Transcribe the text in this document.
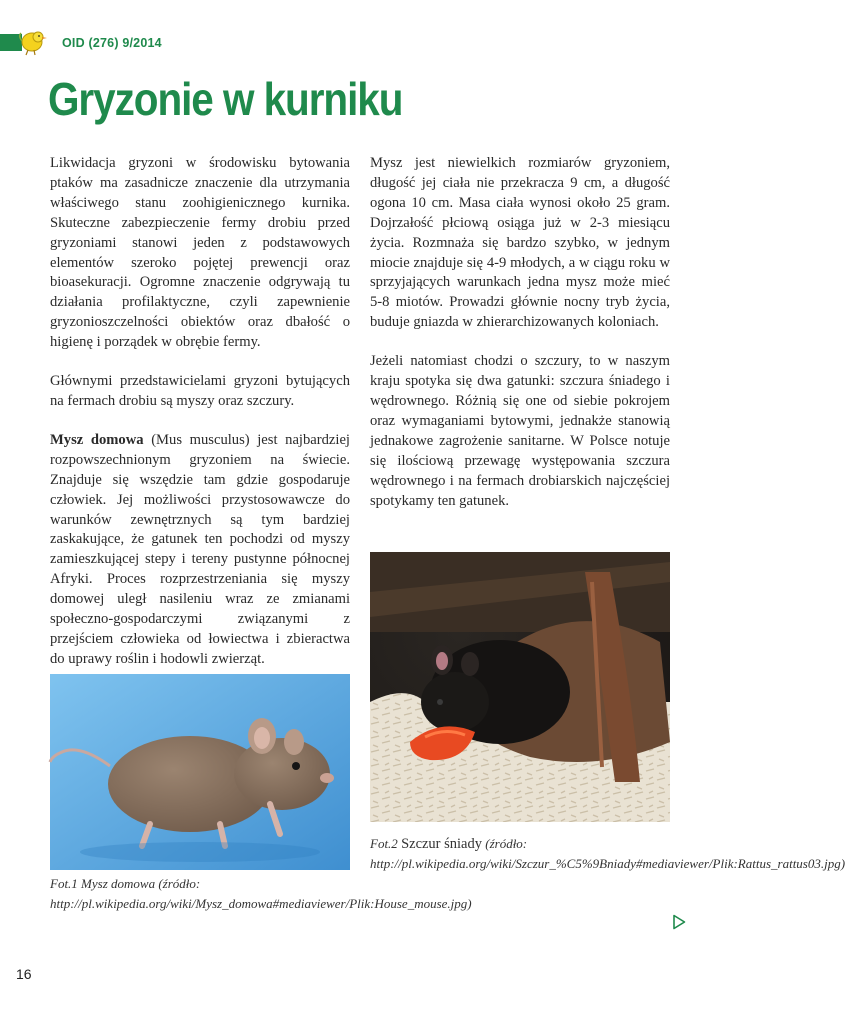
OID (276) 9/2014
Gryzonie w kurniku

Likwidacja gryzoni w środowisku bytowania ptaków ma zasadnicze znaczenie dla utrzymania właściwego stanu zoohigienicznego kurnika. Skuteczne zabezpieczenie fermy drobiu przed gryzoniami stanowi jeden z podstawowych elementów szeroko pojętej prewencji oraz bioasekuracji. Ogromne znaczenie odgrywają tu działania profilaktyczne, czyli zapewnienie gryzonioszczelności obiektów oraz dbałość o higienę i porządek w obrębie fermy.

Głównymi przedstawicielami gryzoni bytujących na fermach drobiu są myszy oraz szczury.

Mysz domowa (Mus musculus) jest najbardziej rozpowszechnionym gryzoniem na świecie. Znajduje się wszędzie tam gdzie gospodaruje człowiek. Jej możliwości przystosowawcze do warunków zewnętrznych są tym bardziej zaskakujące, że gatunek ten pochodzi od myszy zamieszkującej stepy i tereny pustynne północnej Afryki. Proces rozprzestrzeniania się myszy domowej uległ nasileniu wraz ze zmianami społeczno-gospodarczymi związanymi z przejściem człowieka od łowiectwa i zbieractwa do uprawy roślin i hodowli zwierząt.

Mysz jest niewielkich rozmiarów gryzoniem, długość jej ciała nie przekracza 9 cm, a długość ogona 10 cm. Masa ciała wynosi około 25 gram. Dojrzałość płciową osiąga już w 2-3 miesiącu życia. Rozmnaża się bardzo szybko, w jednym miocie znajduje się 4-9 młodych, a w ciągu roku w sprzyjających warunkach jedna mysz może mieć 5-8 miotów. Prowadzi głównie nocny tryb życia, buduje gniazda w zhierarchizowanych koloniach.

Jeżeli natomiast chodzi o szczury, to w naszym kraju spotyka się dwa gatunki: szczura śniadego i wędrownego. Różnią się one od siebie pokrojem oraz wymaganiami bytowymi, jednakże stanowią jednakowe zagrożenie sanitarne. W Polsce notuje się ilościową przewagę występowania szczura wędrownego i na fermach drobiarskich najczęściej spotykamy ten gatunek.

Fot.1 Mysz domowa (źródło: http://pl.wikipedia.org/wiki/Mysz_domowa#mediaviewer/Plik:House_mouse.jpg)
Fot.2 Szczur śniady (źródło: http://pl.wikipedia.org/wiki/Szczur_%C5%9Bniady#mediaviewer/Plik:Rattus_rattus03.jpg)
16
